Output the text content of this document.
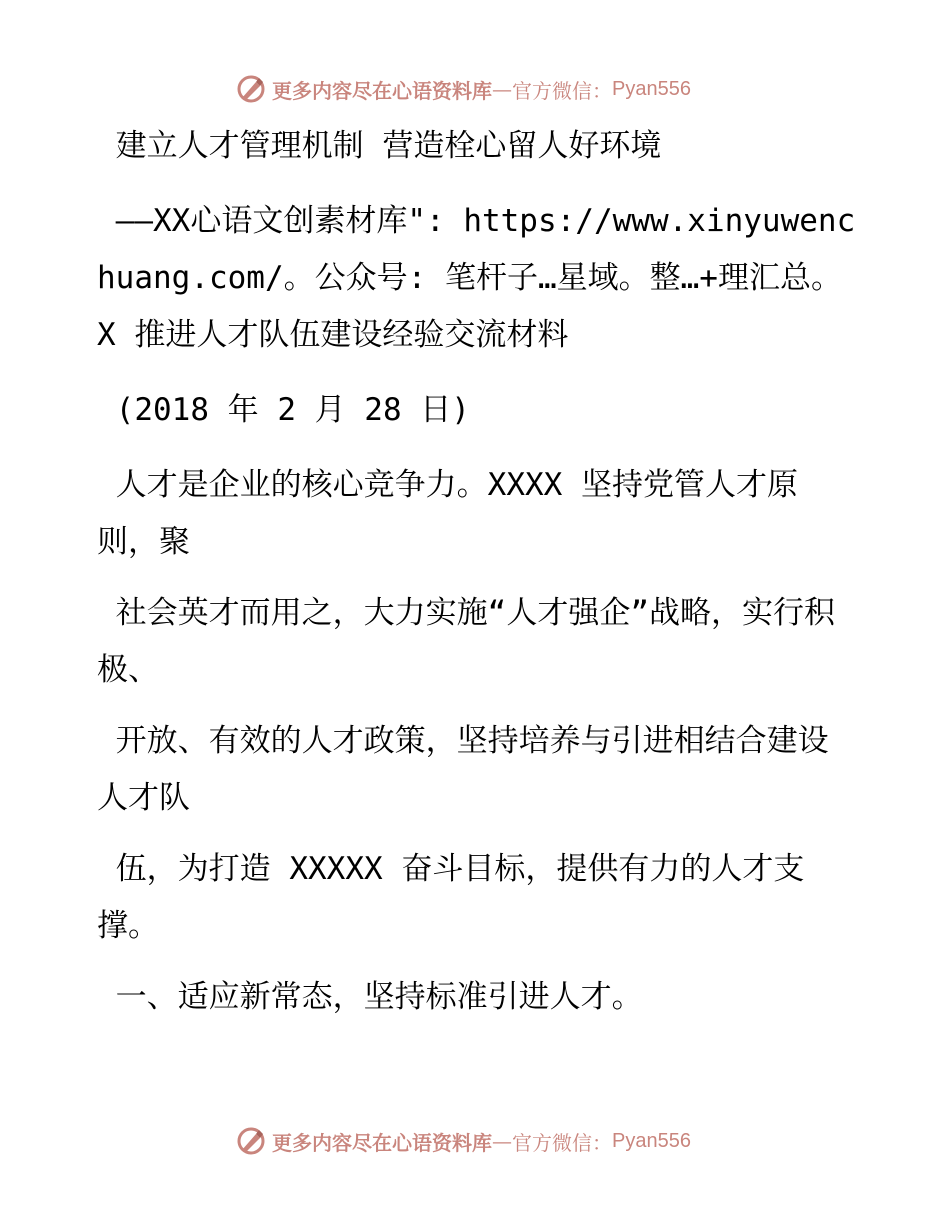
更多内容尽在心语资料库 — 官方微信： Pyan556

建立人才管理机制 营造栓心留人好环境

——XX心语文创素材库": https://www.xinyuwenchuang.com/。公众号: 笔杆子…星域。整…+理汇总。X 推进人才队伍建设经验交流材料

(2018 年 2 月 28 日)

人才是企业的核心竞争力。XXXX 坚持党管人才原则，聚

社会英才而用之，大力实施“人才强企”战略，实行积极、

开放、有效的人才政策，坚持培养与引进相结合建设人才队

伍，为打造 XXXXX 奋斗目标，提供有力的人才支撑。

一、适应新常态，坚持标准引进人才。

更多内容尽在心语资料库 — 官方微信： Pyan556
